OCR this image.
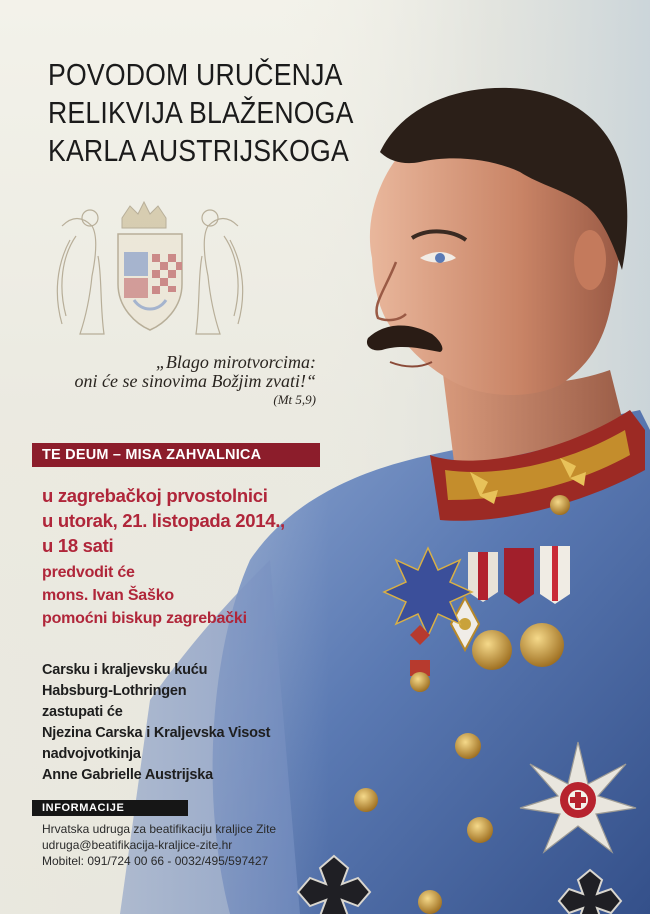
POVODOM URUČENJA
RELIKVIJA BLAŽENOGA
KARLA AUSTRIJSKOGA
„Blago mirotvorcima:
oni će se sinovima Božjim zvati!“
(Mt 5,9)
TE DEUM – MISA ZAHVALNICA
u zagrebačkoj prvostolnici
u utorak, 21. listopada 2014.,
u 18 sati
predvodit će
mons. Ivan Šaško
pomoćni biskup zagrebački
Carsku i kraljevsku kuću
Habsburg-Lothringen
zastupati će
Njezina Carska i Kraljevska Visost
nadvojvotkinja
Anne Gabrielle Austrijska
INFORMACIJE
Hrvatska udruga za beatifikaciju kraljice Zite
udruga@beatifikacija-kraljice-zite.hr
Mobitel: 091/724 00 66 - 0032/495/597427
